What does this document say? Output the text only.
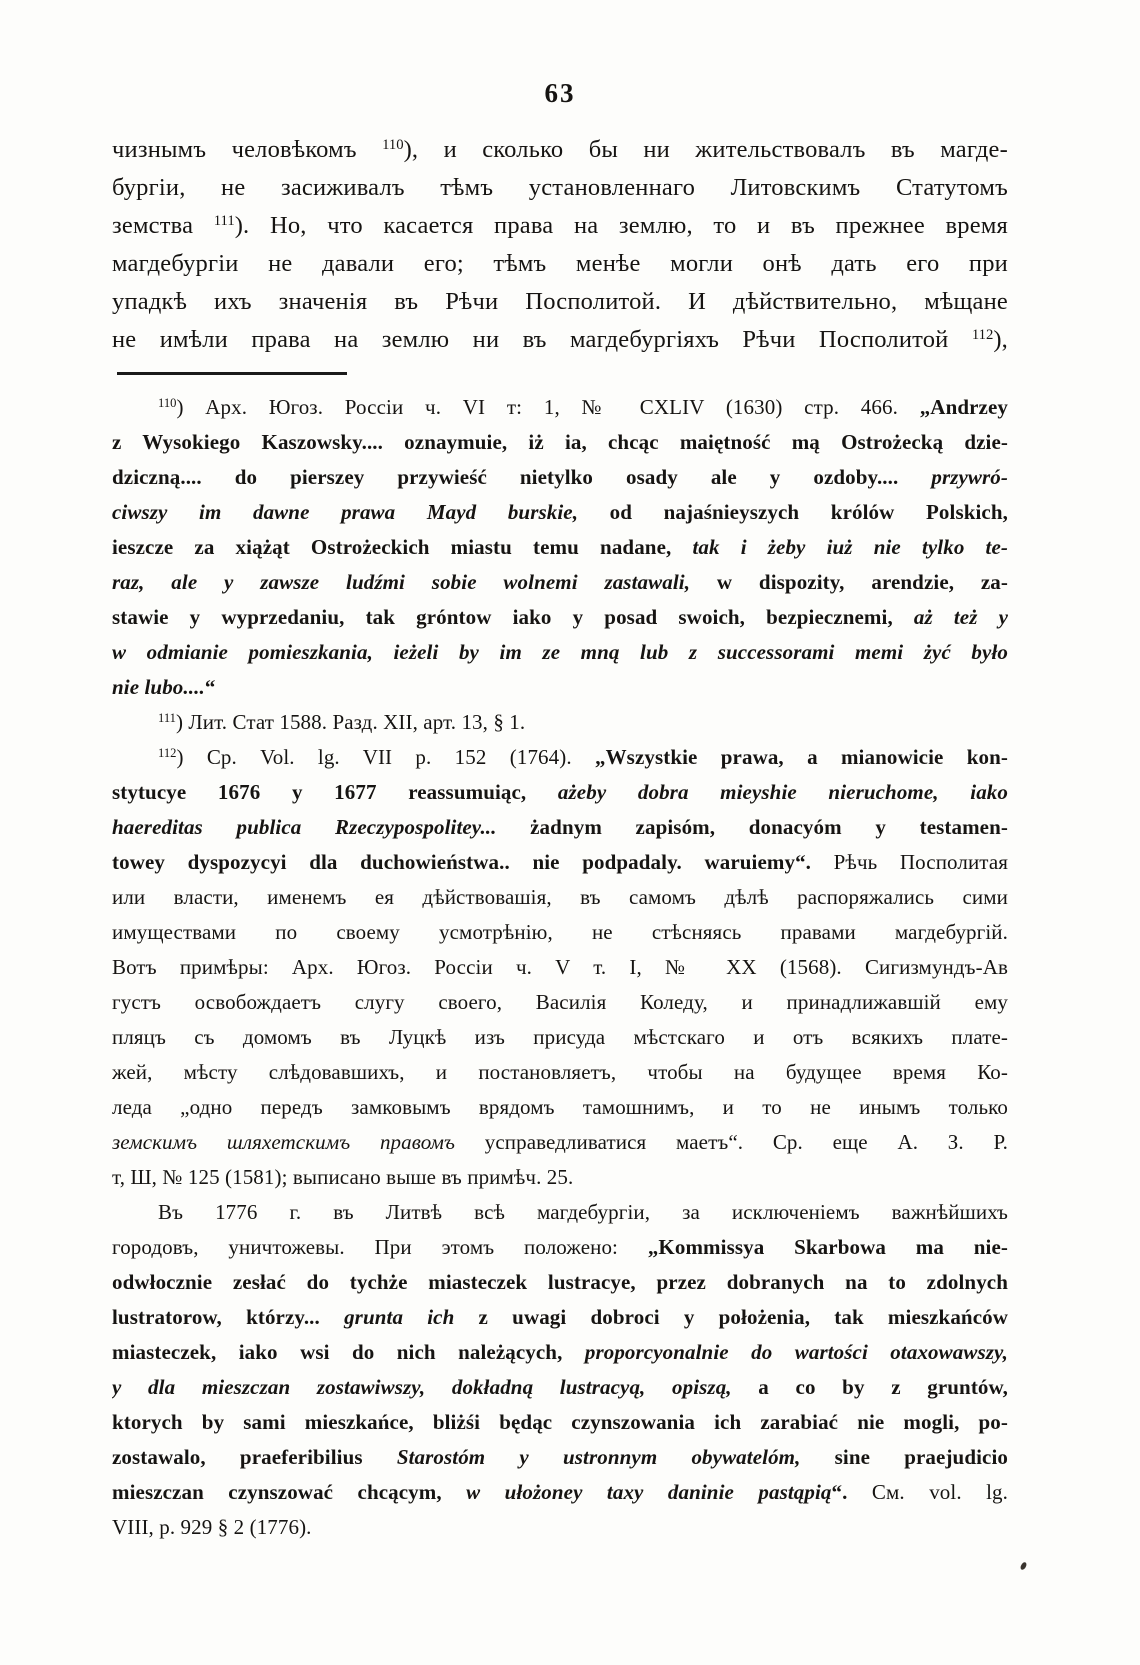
63
чизнымъ человѣкомъ $^{110}$), и сколько бы ни жительствовалъ въ магде-
бургіи, не засиживалъ тѣмъ установленнаго Литовскимъ Статутомъ
земства $^{111}$). Но, что касается права на землю, то и въ прежнее время
магдебургіи не давали его; тѣмъ менѣе могли онѣ дать его при
упадкѣ ихъ значенія въ Рѣчи Посполитой. И дѣйствительно, мѣщане
не имѣли права на землю ни въ магдебургіяхъ Рѣчи Посполитой $^{112}$),
$^{110}$) Арх. Югоз. Россіи ч. VI т: 1, № CXLIV (1630) стр. 466. „Andrzey
z Wysokiego Kaszowsky.... oznaymuie, iż ia, chcąc maiętność mą Ostrożecką dzie-
dziczną.... do pierszey przywieść nietylko osady ale y ozdoby.... przywró-
ciwszy im dawne prawa Mayd burskie, od najaśnieyszych królów Polskich,
ieszcze za xiążąt Ostrożeckich miastu temu nadane, tak i żeby iuż nie tylko te-
raz, ale y zawsze ludźmi sobie wolnemi zastawali, w dispozity, arendzie, za-
stawie y wyprzedaniu, tak gróntow iako y posad swoich, bezpiecznemi, aż też y
w odmianie pomieszkania, ieżeli by im ze mną lub z successorami memi żyć było
nie lubo....“
$^{111}$) Лит. Стат 1588. Разд. XII, арт. 13, § 1.
$^{112}$) Ср. Vol. lg. VII p. 152 (1764). „Wszystkie prawa, a mianowicie kon-
stytucye 1676 y 1677 reassumuiąc, ażeby dobra mieyshie nieruchome, iako
haereditas publica Rzeczypospolitey... żadnym zapisóm, donacyóm y testamen-
towey dyspozycyi dla duchowieństwa.. nie podpadaly. waruiemy“. Рѣчь Посполитая
или власти, именемъ ея дѣйствовашія, въ самомъ дѣлѣ распоряжались сими
имуществами по своему усмотрѣнію, не стѣсняясь правами магдебургій.
Вотъ примѣры: Арх. Югоз. Россіи ч. V т. I, № XX (1568). Сигизмундъ-Ав
густъ освобождаетъ слугу своего, Василія Коледу, и принадлижавшій ему
пляцъ съ домомъ въ Луцкѣ изъ присуда мѣстскаго и отъ всякихъ плате-
жей, мѣсту слѣдовавшихъ, и постановляетъ, чтобы на будущее время Ко-
леда „одно передъ замковымъ врядомъ тамошнимъ, и то не инымъ только
земскимъ шляхетскимъ правомъ усправедливатися маетъ“. Ср. еще А. З. Р.
т, Ш, № 125 (1581); выписано выше въ примѣч. 25.
Въ 1776 г. въ Литвѣ всѣ магдебургіи, за исключеніемъ важнѣйшихъ
городовъ, уничтожевы. При этомъ положено: „Kommissya Skarbowa ma nie-
odwłocznie zesłać do tychże miasteczek lustracye, przez dobranych na to zdolnych
lustratorow, którzy... grunta ich z uwagi dobroci y położenia, tak mieszkańców
miasteczek, iako wsi do nich należących, proporcyonalnie do wartości otaxowawszy,
y dla mieszczan zostawiwszy, dokładną lustracyą, opiszą, a co by z gruntów,
ktorych by sami mieszkańce, bliżśi będąc czynszowania ich zarabiać nie mogli, po-
zostawalo, praeferibilius Starostóm y ustronnym obywatelóm, sine praejudicio
mieszczan czynszować chcącym, w ułożoney taxy daninie pastąpią“. См. vol. lg.
VIII, p. 929 § 2 (1776).
